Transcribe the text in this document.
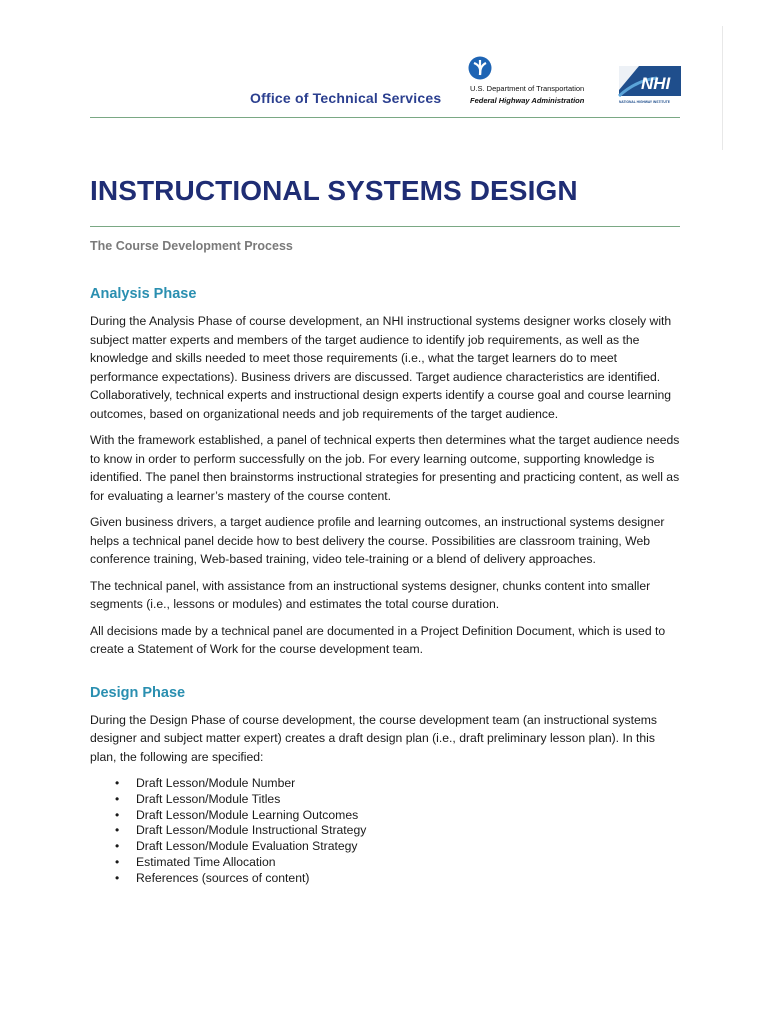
Office of Technical Services
U.S. Department of Transportation
Federal Highway Administration
NHI
NATIONAL HIGHWAY INSTITUTE
INSTRUCTIONAL SYSTEMS DESIGN
The Course Development Process
Analysis Phase

During the Analysis Phase of course development, an NHI instructional systems designer works closely with subject matter experts and members of the target audience to identify job requirements, as well as the knowledge and skills needed to meet those requirements (i.e., what the target learners do to meet performance expectations). Business drivers are discussed. Target audience characteristics are identified. Collaboratively, technical experts and instructional design experts identify a course goal and course learning outcomes, based on organizational needs and job requirements of the target audience.

With the framework established, a panel of technical experts then determines what the target audience needs to know in order to perform successfully on the job. For every learning outcome, supporting knowledge is identified. The panel then brainstorms instructional strategies for presenting and practicing content, as well as for evaluating a learner’s mastery of the course content.

Given business drivers, a target audience profile and learning outcomes, an instructional systems designer helps a technical panel decide how to best delivery the course. Possibilities are classroom training, Web conference training, Web-based training, video tele-training or a blend of delivery approaches.

The technical panel, with assistance from an instructional systems designer, chunks content into smaller segments (i.e., lessons or modules) and estimates the total course duration.

All decisions made by a technical panel are documented in a Project Definition Document, which is used to create a Statement of Work for the course development team.

Design Phase

During the Design Phase of course development, the course development team (an instructional systems designer and subject matter expert) creates a draft design plan (i.e., draft preliminary lesson plan). In this plan, the following are specified:

• Draft Lesson/Module Number
• Draft Lesson/Module Titles
• Draft Lesson/Module Learning Outcomes
• Draft Lesson/Module Instructional Strategy
• Draft Lesson/Module Evaluation Strategy
• Estimated Time Allocation
• References (sources of content)
